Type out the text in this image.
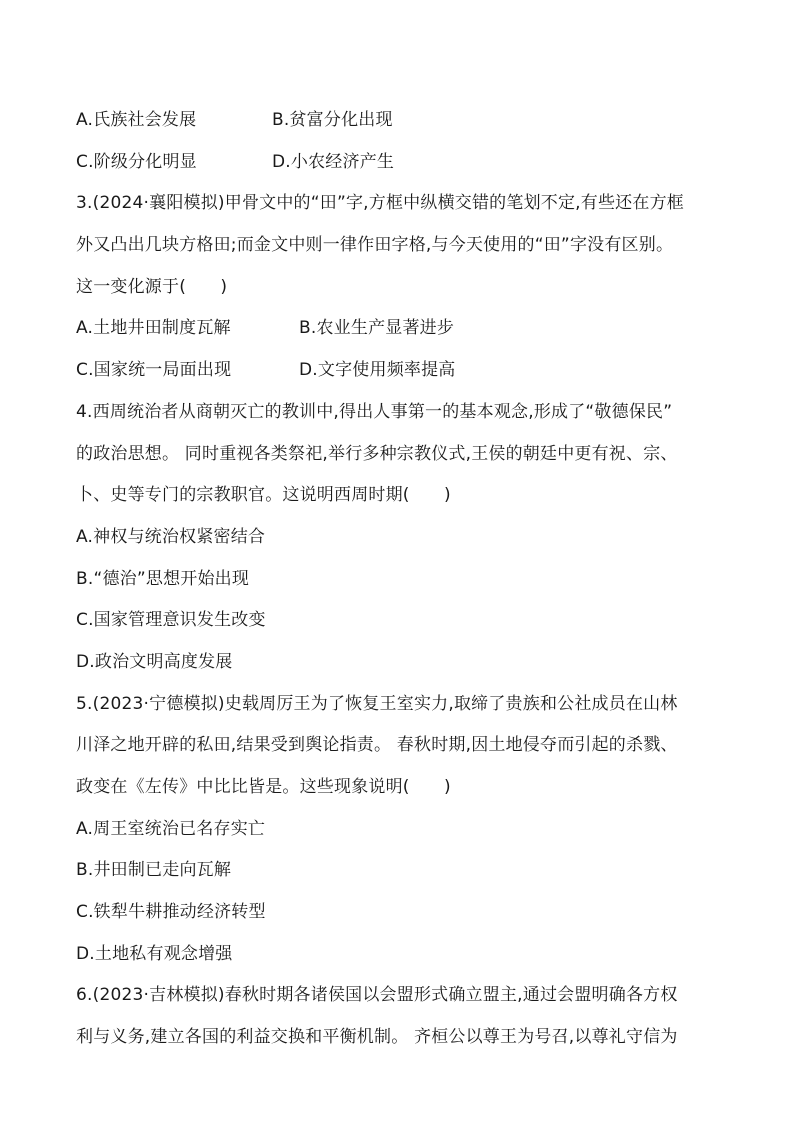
A.氏族社会发展	B.贫富分化出现
C.阶级分化明显	D.小农经济产生
3.(2024·襄阳模拟)甲骨文中的“田”字,方框中纵横交错的笔划不定,有些还在方框
外又凸出几块方格田;而金文中则一律作田字格,与今天使用的“田”字没有区别。
这一变化源于(　　)
A.土地井田制度瓦解	B.农业生产显著进步
C.国家统一局面出现	D.文字使用频率提高
4.西周统治者从商朝灭亡的教训中,得出人事第一的基本观念,形成了“敬德保民”
的政治思想。 同时重视各类祭祀,举行多种宗教仪式,王侯的朝廷中更有祝、宗、
卜、史等专门的宗教职官。这说明西周时期(　　)
A.神权与统治权紧密结合
B.“德治”思想开始出现
C.国家管理意识发生改变
D.政治文明高度发展
5.(2023·宁德模拟)史载周厉王为了恢复王室实力,取缔了贵族和公社成员在山林
川泽之地开辟的私田,结果受到舆论指责。 春秋时期,因土地侵夺而引起的杀戮、
政变在《左传》中比比皆是。这些现象说明(　　)
A.周王室统治已名存实亡
B.井田制已走向瓦解
C.铁犁牛耕推动经济转型
D.土地私有观念增强
6.(2023·吉林模拟)春秋时期各诸侯国以会盟形式确立盟主,通过会盟明确各方权
利与义务,建立各国的利益交换和平衡机制。 齐桓公以尊王为号召,以尊礼守信为
